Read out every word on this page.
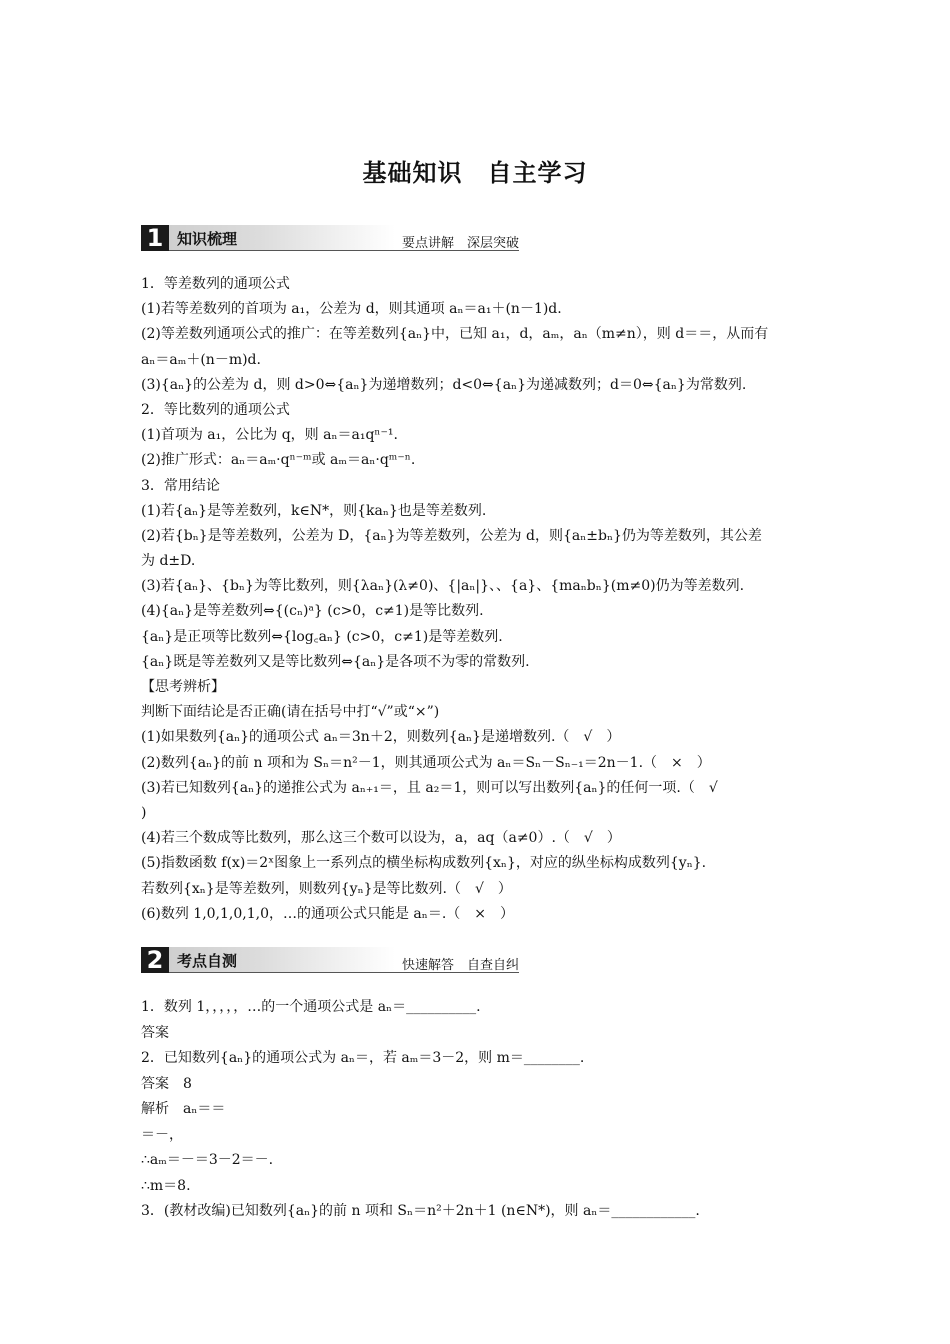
基础知识　自主学习
1 知识梳理	要点讲解　深层突破
1．等差数列的通项公式
(1)若等差数列的首项为 a₁，公差为 d，则其通项 aₙ＝a₁＋(n－1)d.
(2)等差数列通项公式的推广：在等差数列{aₙ}中，已知 a₁，d，aₘ，aₙ（m≠n），则 d＝＝，从而有
aₙ＝aₘ＋(n－m)d.
(3){aₙ}的公差为 d，则 d>0⇔{aₙ}为递增数列；d<0⇔{aₙ}为递减数列；d＝0⇔{aₙ}为常数列.
2．等比数列的通项公式
(1)首项为 a₁，公比为 q，则 aₙ＝a₁qⁿ⁻¹.
(2)推广形式：aₙ＝aₘ·qⁿ⁻ᵐ或 aₘ＝aₙ·qᵐ⁻ⁿ.
3．常用结论
(1)若{aₙ}是等差数列，k∈N*，则{kaₙ}也是等差数列.
(2)若{bₙ}是等差数列，公差为 D，{aₙ}为等差数列，公差为 d，则{aₙ±bₙ}仍为等差数列，其公差
为 d±D.
(3)若{aₙ}、{bₙ}为等比数列，则{λaₙ}(λ≠0)、{|aₙ|}、、{a}、{maₙbₙ}(m≠0)仍为等差数列.
(4){aₙ}是等差数列⇔{(cₙ)ᵃ} (c>0，c≠1)是等比数列.
{aₙ}是正项等比数列⇔{log꜀aₙ} (c>0，c≠1)是等差数列.
{aₙ}既是等差数列又是等比数列⇔{aₙ}是各项不为零的常数列.
【思考辨析】
判断下面结论是否正确(请在括号中打“√”或“×”)
(1)如果数列{aₙ}的通项公式 aₙ＝3n＋2，则数列{aₙ}是递增数列.（　√　）
(2)数列{aₙ}的前 n 项和为 Sₙ＝n²－1，则其通项公式为 aₙ＝Sₙ－Sₙ₋₁＝2n－1.（　×　）
(3)若已知数列{aₙ}的递推公式为 aₙ₊₁＝，且 a₂＝1，则可以写出数列{aₙ}的任何一项.（　√
)
(4)若三个数成等比数列，那么这三个数可以设为，a，aq（a≠0）.（　√　）
(5)指数函数 f(x)＝2ˣ图象上一系列点的横坐标构成数列{xₙ}，对应的纵坐标构成数列{yₙ}.
若数列{xₙ}是等差数列，则数列{yₙ}是等比数列.（　√　）
(6)数列 1,0,1,0,1,0，…的通项公式只能是 aₙ＝.（　×　）
2 考点自测	快速解答　自查自纠
1．数列 1，，，，，…的一个通项公式是 aₙ＝__________.
答案
2．已知数列{aₙ}的通项公式为 aₙ＝，若 aₘ＝3－2，则 m＝________.
答案　8
解析　aₙ＝＝
＝－，
∴aₘ＝－＝3－2＝－.
∴m＝8.
3．(教材改编)已知数列{aₙ}的前 n 项和 Sₙ＝n²＋2n＋1 (n∈N*)，则 aₙ＝____________.
